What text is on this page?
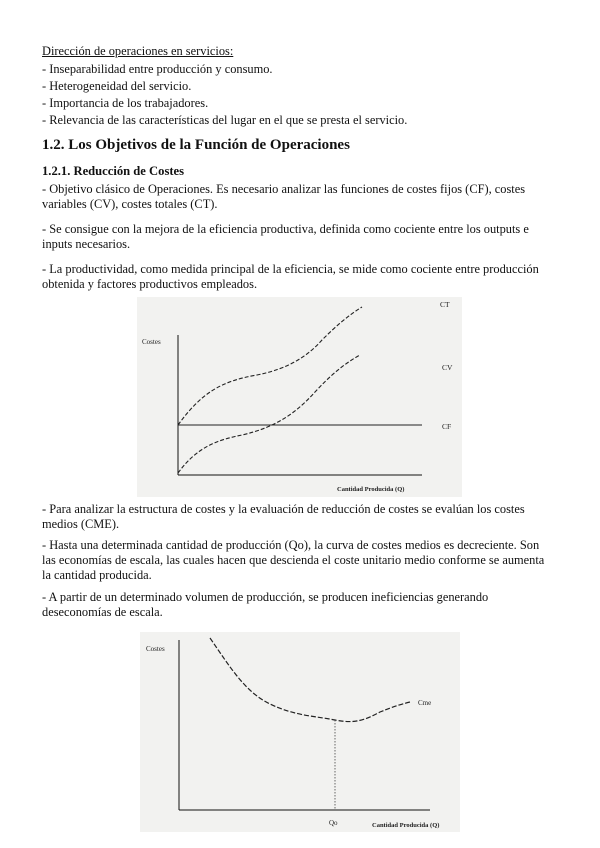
Dirección de operaciones en servicios:
- Inseparabilidad entre producción y consumo.
- Heterogeneidad del servicio.
- Importancia de los trabajadores.
- Relevancia de las características del lugar en el que se presta el servicio.
1.2. Los Objetivos de la Función de Operaciones
1.2.1. Reducción de Costes
- Objetivo clásico de Operaciones. Es necesario analizar las funciones de costes fijos (CF), costes variables (CV), costes totales (CT).
- Se consigue con la mejora de la eficiencia productiva, definida como cociente entre los outputs e inputs necesarios.
- La productividad, como medida principal de la eficiencia, se mide como cociente entre producción obtenida y factores productivos empleados.
Costes
Cantidad Producida (Q)
CT
CV
CF
- Para analizar la estructura de costes y la evaluación de reducción de costes se evalúan los costes medios (CME).
- Hasta una determinada cantidad de producción (Qo), la curva de costes medios es decreciente. Son las economías de escala, las cuales hacen que descienda el coste unitario medio conforme se aumenta la cantidad producida.
- A partir de un determinado volumen de producción, se producen ineficiencias generando deseconomías de escala.
Costes
Cantidad Producida (Q)
Qo
Cme
